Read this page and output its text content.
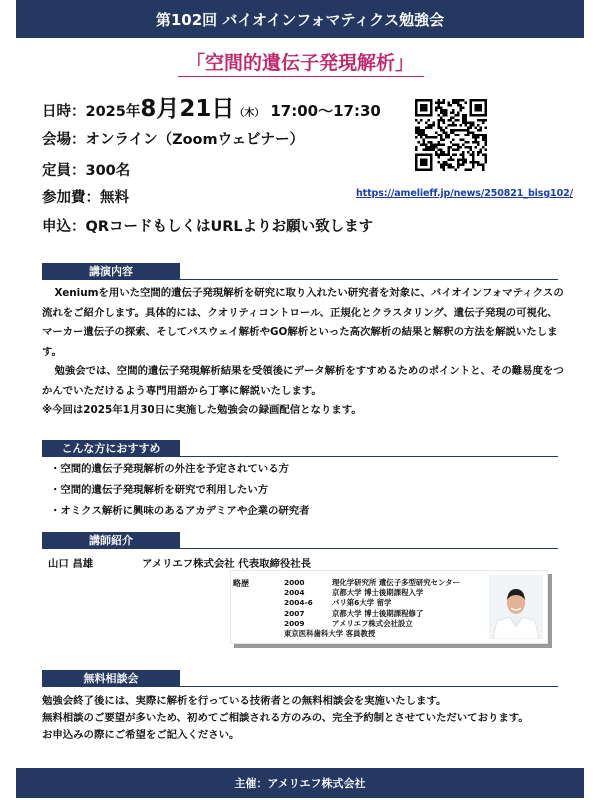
第102回 バイオインフォマティクス勉強会
「空間的遺伝子発現解析」
日時：2025年8月21日（木） 17:00〜17:30
会場：オンライン（Zoomウェビナー）
定員：300名
参加費：無料
申込：QRコードもしくはURLよりお願い致します
https://amelieff.jp/news/250821_bisg102/
講演内容

Xeniumを用いた空間的遺伝子発現解析を研究に取り入れたい研究者を対象に、バイオインフォマティクスの流れをご紹介します。具体的には、クオリティコントロール、正規化とクラスタリング、遺伝子発現の可視化、マーカー遺伝子の探索、そしてパスウェイ解析やGO解析といった高次解析の結果と解釈の方法を解説いたします。

勉強会では、空間的遺伝子発現解析結果を受領後にデータ解析をすすめるためのポイントと、その難易度をつかんでいただけるよう専門用語から丁寧に解説いたします。

※今回は2025年1月30日に実施した勉強会の録画配信となります。

こんな方におすすめ
・空間的遺伝子発現解析の外注を予定されている方
・空間的遺伝子発現解析を研究で利用したい方
・オミクス解析に興味のあるアカデミアや企業の研究者
講師紹介
山口 昌雄	アメリエフ株式会社 代表取締役社長
略歴	2000	理化学研究所 遺伝子多型研究センター
2004	京都大学 博士後期課程入学
2004-6	パリ第6大学 留学
2007	京都大学 博士後期課程修了
2009	アメリエフ株式会社設立
東京医科歯科大学 客員教授
無料相談会

勉強会終了後には、実際に解析を行っている技術者との無料相談会を実施いたします。

無料相談のご要望が多いため、初めてご相談される方のみの、完全予約制とさせていただいております。

お申込みの際にご希望をご記入ください。

主催：アメリエフ株式会社
